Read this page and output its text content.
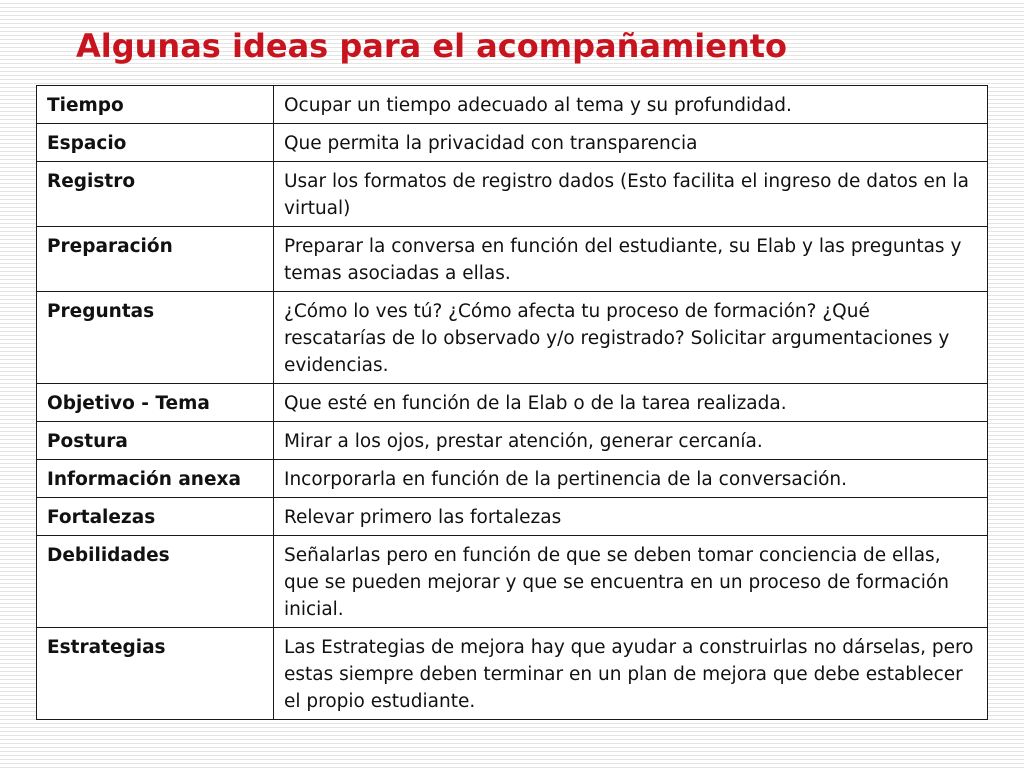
Algunas ideas para el acompañamiento
Tiempo	Ocupar un tiempo adecuado al tema y su profundidad.
Espacio	Que permita la privacidad con transparencia
Registro	Usar los formatos de registro dados (Esto facilita el ingreso de datos en la virtual)
Preparación	Preparar la conversa en función del estudiante, su Elab y las preguntas y temas asociadas a ellas.
Preguntas	¿Cómo lo ves tú? ¿Cómo afecta tu proceso de formación? ¿Qué rescatarías de lo observado y/o registrado? Solicitar argumentaciones y evidencias.
Objetivo - Tema	Que esté en función de la Elab o de la tarea realizada.
Postura	Mirar a los ojos, prestar atención, generar cercanía.
Información anexa	Incorporarla en función de la pertinencia de la conversación.
Fortalezas	Relevar primero las fortalezas
Debilidades	Señalarlas pero en función de que se deben tomar conciencia de ellas, que se pueden mejorar y que se encuentra en un proceso de formación inicial.
Estrategias	Las Estrategias de mejora hay que ayudar a construirlas no dárselas, pero estas siempre deben terminar en un plan de mejora que debe establecer el propio estudiante.
